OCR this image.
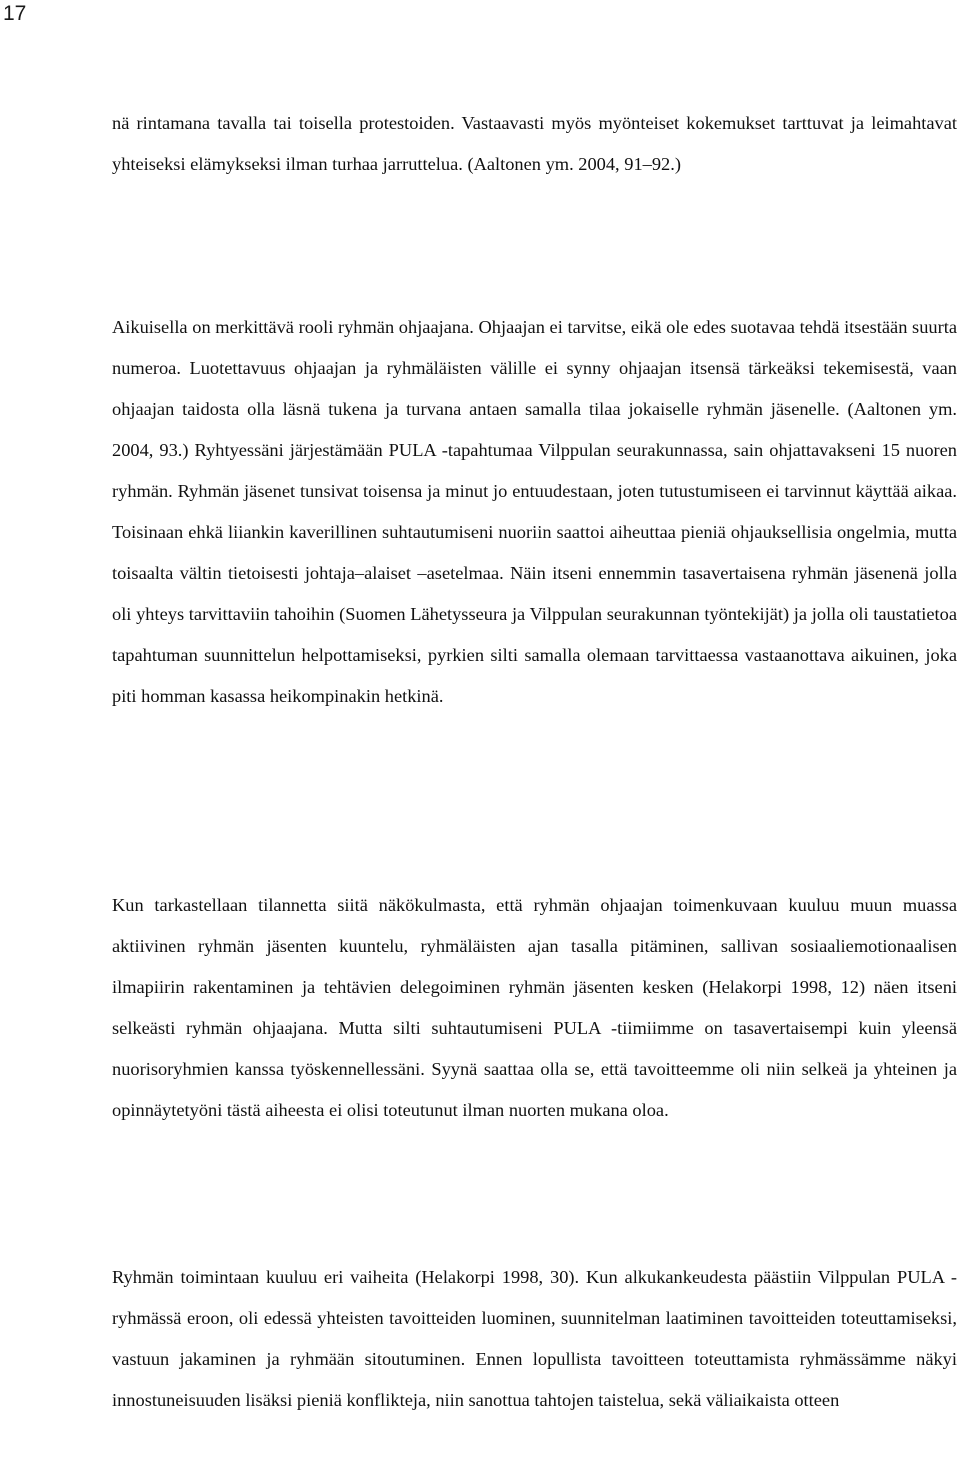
17

nä rintamana tavalla tai toisella protestoiden. Vastaavasti myös myönteiset kokemukset tarttuvat ja leimahtavat yhteiseksi elämykseksi ilman turhaa jarruttelua. (Aaltonen ym. 2004, 91–92.)

Aikuisella on merkittävä rooli ryhmän ohjaajana. Ohjaajan ei tarvitse, eikä ole edes suotavaa tehdä itsestään suurta numeroa. Luotettavuus ohjaajan ja ryhmäläisten välille ei synny ohjaajan itsensä tärkeäksi tekemisestä, vaan ohjaajan taidosta olla läsnä tukena ja turvana antaen samalla tilaa jokaiselle ryhmän jäsenelle. (Aaltonen ym. 2004, 93.) Ryhtyessäni järjestämään PULA -tapahtumaa Vilppulan seurakunnassa, sain ohjattavakseni 15 nuoren ryhmän. Ryhmän jäsenet tunsivat toisensa ja minut jo entuudestaan, joten tutustumiseen ei tarvinnut käyttää aikaa. Toisinaan ehkä liiankin kaverillinen suhtautumiseni nuoriin saattoi aiheuttaa pieniä ohjauksellisia ongelmia, mutta toisaalta vältin tietoisesti johtaja–alaiset –asetelmaa. Näin itseni ennemmin tasavertaisena ryhmän jäsenenä jolla oli yhteys tarvittaviin tahoihin (Suomen Lähetysseura ja Vilppulan seurakunnan työntekijät) ja jolla oli taustatietoa tapahtuman suunnittelun helpottamiseksi, pyrkien silti samalla olemaan tarvittaessa vastaanottava aikuinen, joka piti homman kasassa heikompinakin hetkinä.

Kun tarkastellaan tilannetta siitä näkökulmasta, että ryhmän ohjaajan toimenkuvaan kuuluu muun muassa aktiivinen ryhmän jäsenten kuuntelu, ryhmäläisten ajan tasalla pitäminen, sallivan sosiaaliemotionaalisen ilmapiirin rakentaminen ja tehtävien delegoiminen ryhmän jäsenten kesken (Helakorpi 1998, 12) näen itseni selkeästi ryhmän ohjaajana. Mutta silti suhtautumiseni PULA -tiimiimme on tasavertaisempi kuin yleensä nuorisoryhmien kanssa työskennellessäni. Syynä saattaa olla se, että tavoitteemme oli niin selkeä ja yhteinen ja opinnäytetyöni tästä aiheesta ei olisi toteutunut ilman nuorten mukana oloa.

Ryhmän toimintaan kuuluu eri vaiheita (Helakorpi 1998, 30). Kun alkukankeudesta päästiin Vilppulan PULA -ryhmässä eroon, oli edessä yhteisten tavoitteiden luominen, suunnitelman laatiminen tavoitteiden toteuttamiseksi, vastuun jakaminen ja ryhmään sitoutuminen. Ennen lopullista tavoitteen toteuttamista ryhmässämme näkyi innostuneisuuden lisäksi pieniä konflikteja, niin sanottua tahtojen taistelua, sekä väliaikaista otteen
